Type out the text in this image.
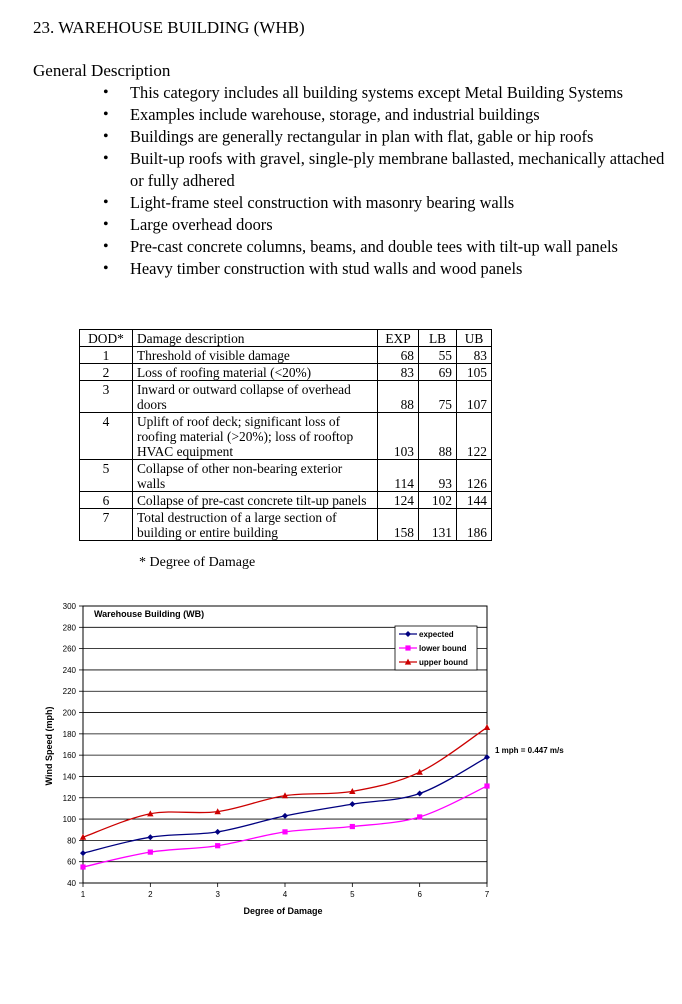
23. WAREHOUSE BUILDING (WHB)
General Description
• This category includes all building systems except Metal Building Systems
• Examples include warehouse, storage, and industrial buildings
• Buildings are generally rectangular in plan with flat, gable or hip roofs
• Built-up roofs with gravel, single-ply membrane ballasted, mechanically attached or fully adhered
• Light-frame steel construction with masonry bearing walls
• Large overhead doors
• Pre-cast concrete columns, beams, and double tees with tilt-up wall panels
• Heavy timber construction with stud walls and wood panels
DOD*	Damage description	EXP	LB	UB
1	Threshold of visible damage	68	55	83
2	Loss of roofing material (<20%)	83	69	105
3	Inward or outward collapse of overhead doors	88	75	107
4	Uplift of roof deck; significant loss of roofing material (>20%); loss of rooftop HVAC equipment	103	88	122
5	Collapse of other non-bearing exterior walls	114	93	126
6	Collapse of pre-cast concrete tilt-up panels	124	102	144
7	Total destruction of a large section of building or entire building	158	131	186
* Degree of Damage
40
60
80
100
120
140
160
180
200
220
240
260
280
300
1	2	3	4	5	6	7
Warehouse Building (WB)
1 mph = 0.447 m/s
Degree of Damage
Wind Speed (mph)
expected
lower bound
upper bound
